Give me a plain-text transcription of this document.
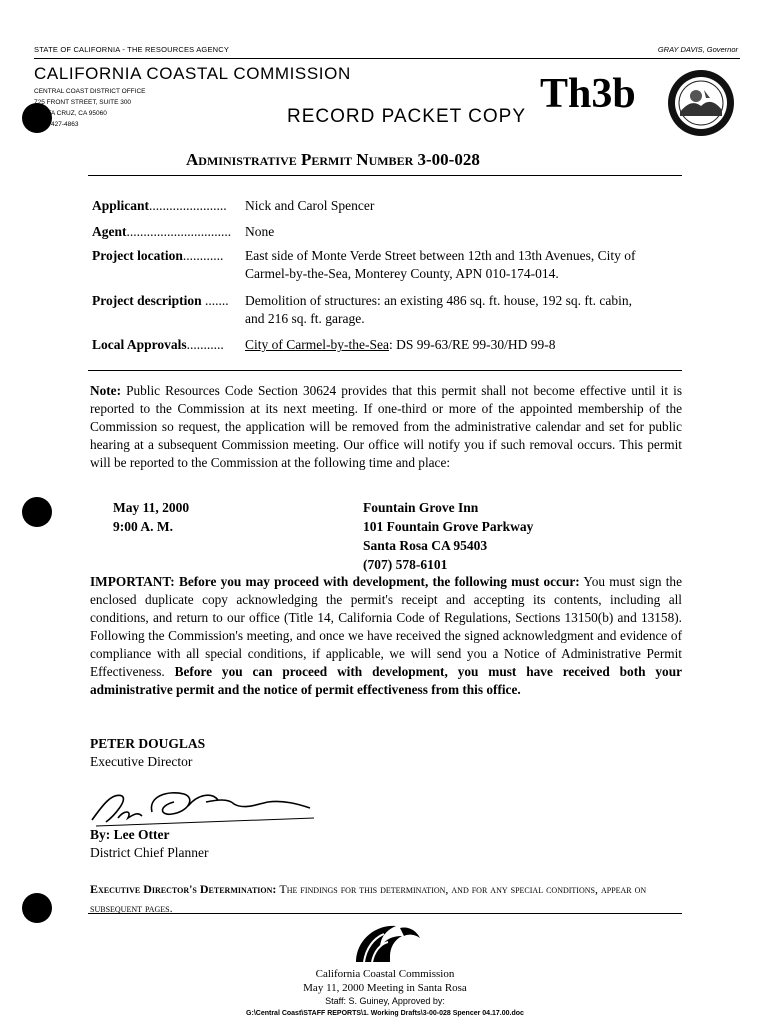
STATE OF CALIFORNIA - THE RESOURCES AGENCY	GRAY DAVIS, Governor
CALIFORNIA COASTAL COMMISSION
CENTRAL COAST DISTRICT OFFICE
725 FRONT STREET, SUITE 300
SANTA CRUZ, CA 95060
(831) 427-4863	RECORD PACKET COPY Th3b
Administrative Permit Number 3-00-028
Applicant....................... Nick and Carol Spencer
Agent............................... None
Project location............ East side of Monte Verde Street between 12th and 13th Avenues, City of
Carmel-by-the-Sea, Monterey County, APN 010-174-014.
Project description ....... Demolition of structures: an existing 486 sq. ft. house, 192 sq. ft. cabin,
and 216 sq. ft. garage.
Local Approvals........... City of Carmel-by-the-Sea: DS 99-63/RE 99-30/HD 99-8
Note: Public Resources Code Section 30624 provides that this permit shall not become effective until it is reported to the Commission at its next meeting. If one-third or more of the appointed membership of the Commission so request, the application will be removed from the administrative calendar and set for public hearing at a subsequent Commission meeting. Our office will notify you if such removal occurs. This permit will be reported to the Commission at the following time and place:
May 11, 2000
9:00 A. M.
Fountain Grove Inn
101 Fountain Grove Parkway
Santa Rosa CA 95403
(707) 578-6101
IMPORTANT: Before you may proceed with development, the following must occur: You must sign the enclosed duplicate copy acknowledging the permit's receipt and accepting its contents, including all conditions, and return to our office (Title 14, California Code of Regulations, Sections 13150(b) and 13158). Following the Commission's meeting, and once we have received the signed acknowledgment and evidence of compliance with all special conditions, if applicable, we will send you a Notice of Administrative Permit Effectiveness. Before you can proceed with development, you must have received both your administrative permit and the notice of permit effectiveness from this office.
PETER DOUGLAS
Executive Director
By: Lee Otter
District Chief Planner
Executive Director's Determination: The findings for this determination, and for any special conditions, appear on subsequent pages.
California Coastal Commission
May 11, 2000 Meeting in Santa Rosa
Staff: S. Guiney, Approved by:
G:\Central Coast\STAFF REPORTS\1. Working Drafts\3-00-028 Spencer 04.17.00.doc
